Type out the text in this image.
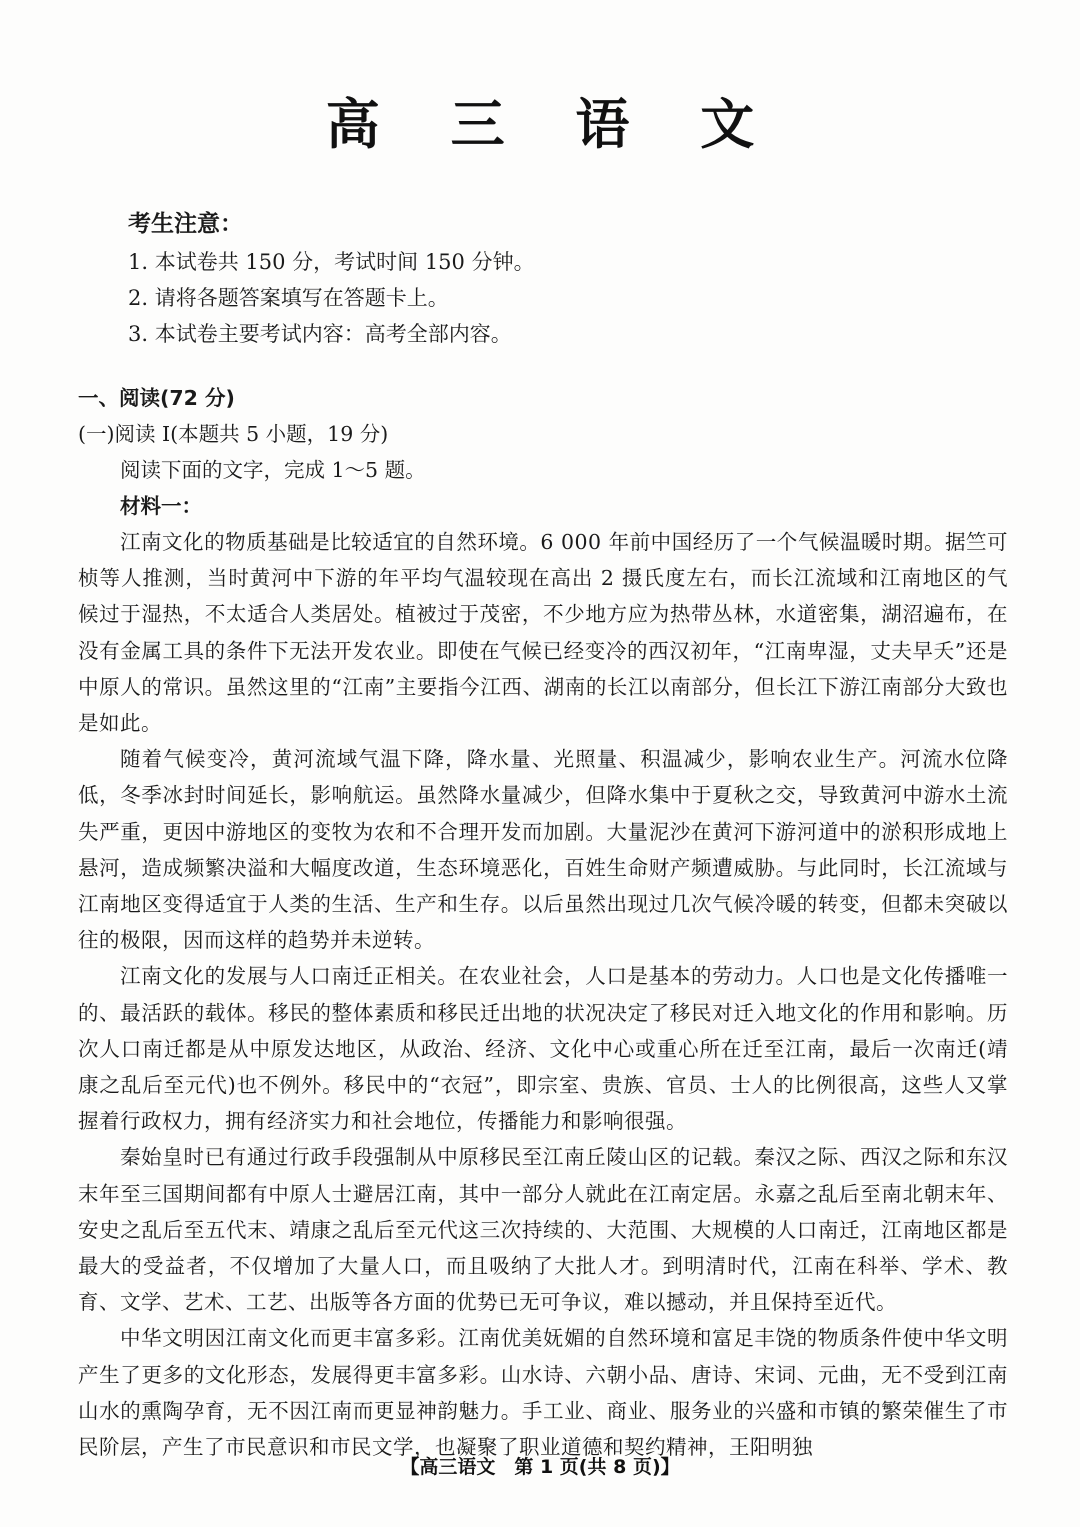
高 三 语 文
考生注意：
1. 本试卷共 150 分，考试时间 150 分钟。
2. 请将各题答案填写在答题卡上。
3. 本试卷主要考试内容：高考全部内容。
一、阅读(72 分)
(一)阅读 I(本题共 5 小题，19 分)
阅读下面的文字，完成 1～5 题。
材料一：

江南文化的物质基础是比较适宜的自然环境。6 000 年前中国经历了一个气候温暖时期。据竺可桢等人推测，当时黄河中下游的年平均气温较现在高出 2 摄氏度左右，而长江流域和江南地区的气候过于湿热，不太适合人类居处。植被过于茂密，不少地方应为热带丛林，水道密集，湖沼遍布，在没有金属工具的条件下无法开发农业。即使在气候已经变冷的西汉初年，“江南卑湿，丈夫早夭”还是中原人的常识。虽然这里的“江南”主要指今江西、湖南的长江以南部分，但长江下游江南部分大致也是如此。

随着气候变冷，黄河流域气温下降，降水量、光照量、积温减少，影响农业生产。河流水位降低，冬季冰封时间延长，影响航运。虽然降水量减少，但降水集中于夏秋之交，导致黄河中游水土流失严重，更因中游地区的变牧为农和不合理开发而加剧。大量泥沙在黄河下游河道中的淤积形成地上悬河，造成频繁决溢和大幅度改道，生态环境恶化，百姓生命财产频遭威胁。与此同时，长江流域与江南地区变得适宜于人类的生活、生产和生存。以后虽然出现过几次气候冷暖的转变，但都未突破以往的极限，因而这样的趋势并未逆转。

江南文化的发展与人口南迁正相关。在农业社会，人口是基本的劳动力。人口也是文化传播唯一的、最活跃的载体。移民的整体素质和移民迁出地的状况决定了移民对迁入地文化的作用和影响。历次人口南迁都是从中原发达地区，从政治、经济、文化中心或重心所在迁至江南，最后一次南迁(靖康之乱后至元代)也不例外。移民中的“衣冠”，即宗室、贵族、官员、士人的比例很高，这些人又掌握着行政权力，拥有经济实力和社会地位，传播能力和影响很强。

秦始皇时已有通过行政手段强制从中原移民至江南丘陵山区的记载。秦汉之际、西汉之际和东汉末年至三国期间都有中原人士避居江南，其中一部分人就此在江南定居。永嘉之乱后至南北朝末年、安史之乱后至五代末、靖康之乱后至元代这三次持续的、大范围、大规模的人口南迁，江南地区都是最大的受益者，不仅增加了大量人口，而且吸纳了大批人才。到明清时代，江南在科举、学术、教育、文学、艺术、工艺、出版等各方面的优势已无可争议，难以撼动，并且保持至近代。

中华文明因江南文化而更丰富多彩。江南优美妩媚的自然环境和富足丰饶的物质条件使中华文明产生了更多的文化形态，发展得更丰富多彩。山水诗、六朝小品、唐诗、宋词、元曲，无不受到江南山水的熏陶孕育，无不因江南而更显神韵魅力。手工业、商业、服务业的兴盛和市镇的繁荣催生了市民阶层，产生了市民意识和市民文学，也凝聚了职业道德和契约精神，王阳明独

【高三语文　第 1 页(共 8 页)】
